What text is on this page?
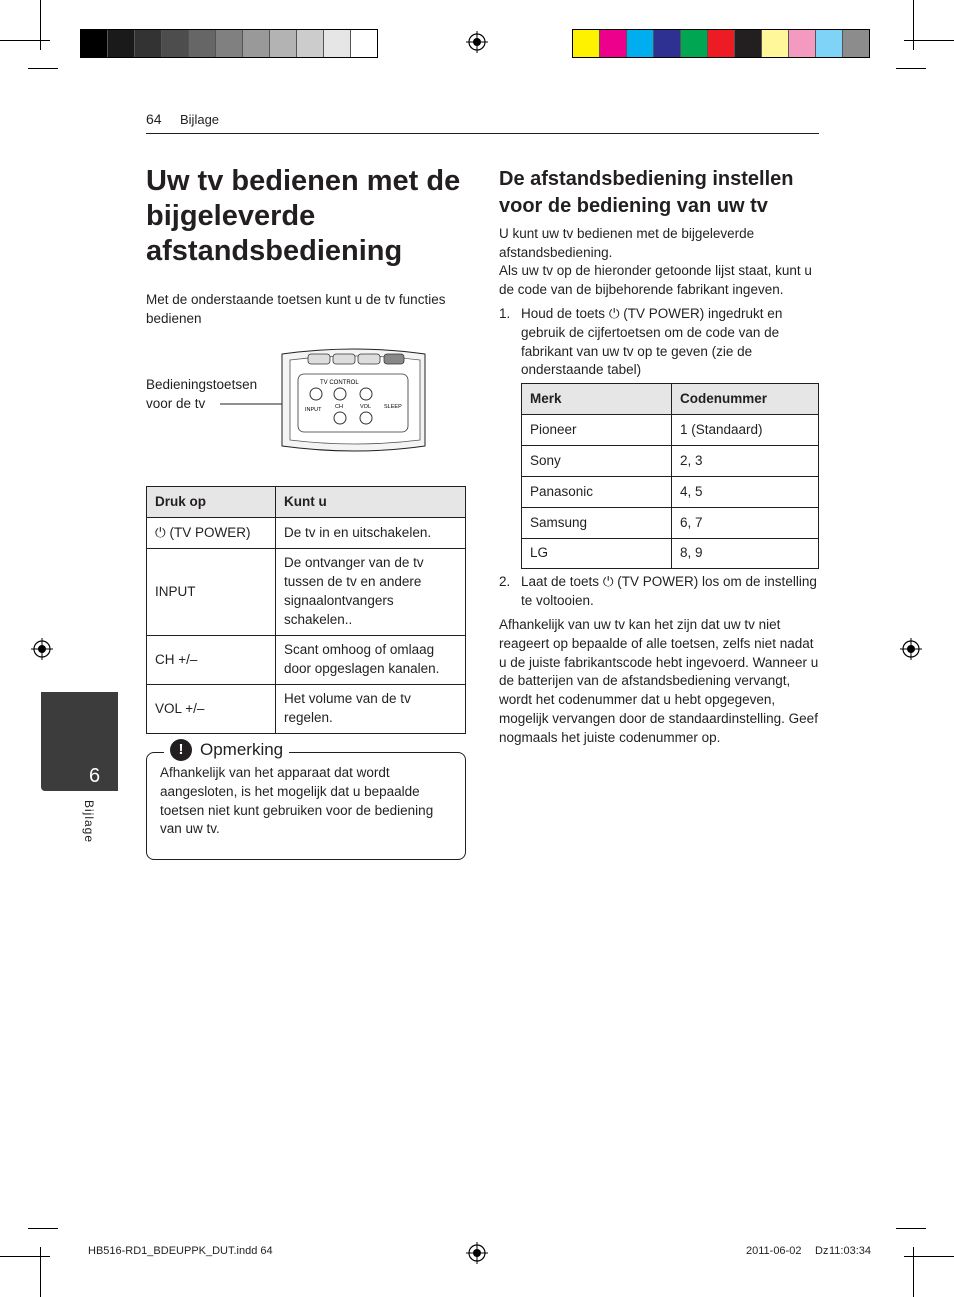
64 Bijlage
Uw tv bedienen met de bijgeleverde afstandsbediening
Met de onderstaande toetsen kunt u de tv functies bedienen
Bedieningstoetsen voor de tv
TV CONTROL
INPUT CH	VOL SLEEP
Druk op	Kunt u
⏻ (TV POWER)	De tv in en uitschakelen.
INPUT	De ontvanger van de tv tussen de tv en andere signaalontvangers schakelen..
CH +/–	Scant omhoog of omlaag door opgeslagen kanalen.
VOL +/–	Het volume van de tv regelen.
! Opmerking
Afhankelijk van het apparaat dat wordt aangesloten, is het mogelijk dat u bepaalde toetsen niet kunt gebruiken voor de bediening van uw tv.
6
Bijlage
De afstandsbediening instellen voor de bediening van uw tv
U kunt uw tv bedienen met de bijgeleverde afstandsbediening.
Als uw tv op de hieronder getoonde lijst staat, kunt u de code van de bijbehorende fabrikant ingeven.
1. Houd de toets ⏻ (TV POWER) ingedrukt en gebruik de cijfertoetsen om de code van de fabrikant van uw tv op te geven (zie de onderstaande tabel)
Merk	Codenummer
Pioneer	1 (Standaard)
Sony	2, 3
Panasonic	4, 5
Samsung	6, 7
LG	8, 9
2. Laat de toets ⏻ (TV POWER) los om de instelling te voltooien.
Afhankelijk van uw tv kan het zijn dat uw tv niet reageert op bepaalde of alle toetsen, zelfs niet nadat u de juiste fabrikantscode hebt ingevoerd. Wanneer u de batterijen van de afstandsbediening vervangt, wordt het codenummer dat u hebt opgegeven, mogelijk vervangen door de standaardinstelling. Geef nogmaals het juiste codenummer op.
HB516-RD1_BDEUPPK_DUT.indd 64	2011-06-02 ǲ 11:03:34
